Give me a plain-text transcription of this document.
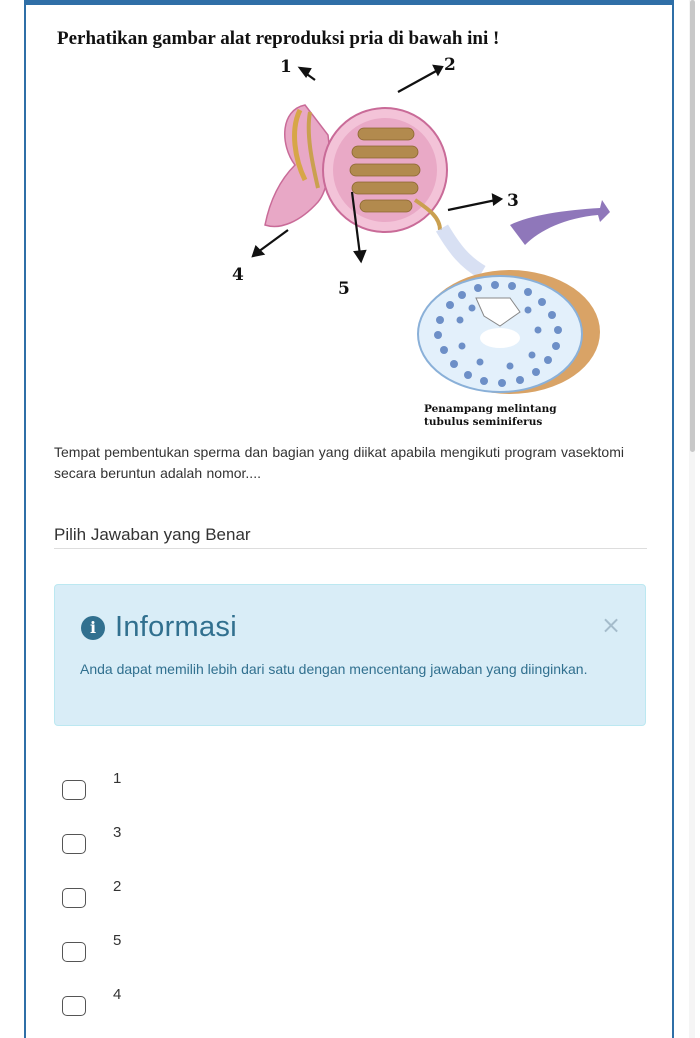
Perhatikan gambar alat reproduksi pria di bawah ini !
1	2
3
4
5
Penampang melintang
tubulus seminiferus
Tempat pembentukan sperma dan bagian yang diikat apabila mengikuti program vasektomi secara beruntun adalah nomor....
Pilih Jawaban yang Benar
i Informasi	×
Anda dapat memilih lebih dari satu dengan mencentang jawaban yang diinginkan.
1
3
2
5
4
